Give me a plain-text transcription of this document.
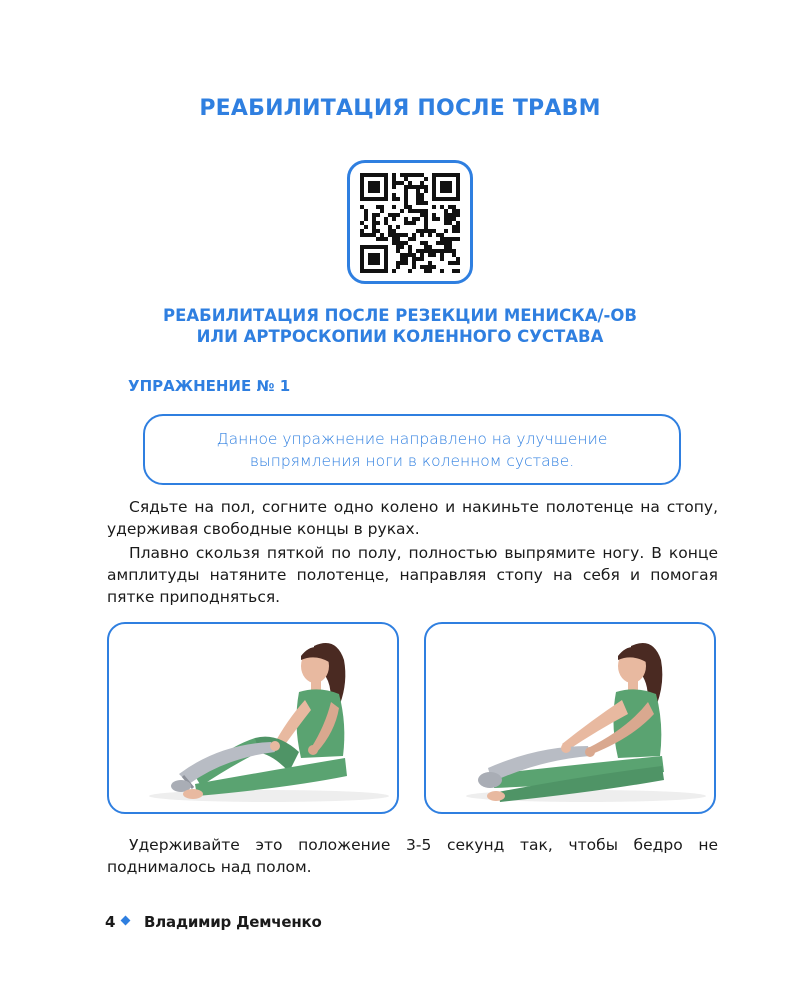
РЕАБИЛИТАЦИЯ ПОСЛЕ ТРАВМ
РЕАБИЛИТАЦИЯ ПОСЛЕ РЕЗЕКЦИИ МЕНИСКА/-ОВ
ИЛИ АРТРОСКОПИИ КОЛЕННОГО СУСТАВА
УПРАЖНЕНИЕ № 1
Данное упражнение направлено на улучшение
выпрямления ноги в коленном суставе.
Сядьте на пол, согните одно колено и накиньте полотенце на стопу, удерживая свободные концы в руках.
Плавно скользя пяткой по полу, полностью выпрямите ногу. В конце амплитуды натяните полотенце, направляя стопу на себя и помогая пятке приподняться.
Удерживайте это положение 3-5 секунд так, чтобы бедро не поднималось над полом.
4 Владимир Демченко
